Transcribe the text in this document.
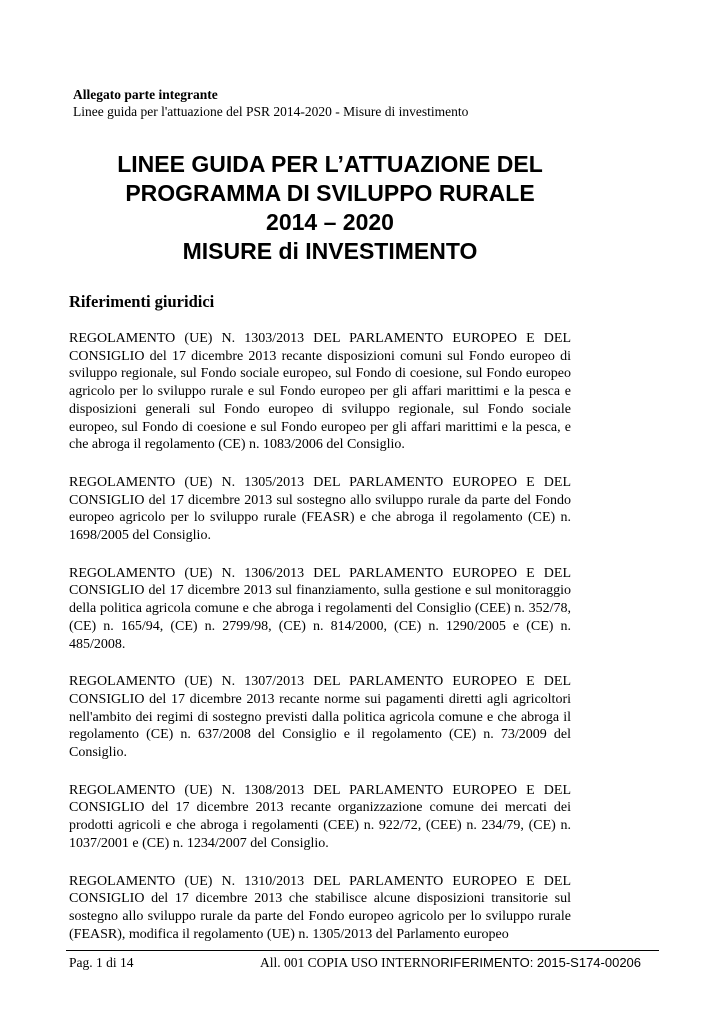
Allegato parte integrante
Linee guida per l'attuazione del PSR 2014-2020 - Misure di investimento
LINEE GUIDA PER L’ATTUAZIONE DEL
PROGRAMMA DI SVILUPPO RURALE
2014 – 2020
MISURE di INVESTIMENTO
Riferimenti giuridici

REGOLAMENTO (UE) N. 1303/2013 DEL PARLAMENTO EUROPEO E DEL CONSIGLIO del 17 dicembre 2013 recante disposizioni comuni sul Fondo europeo di sviluppo regionale, sul Fondo sociale europeo, sul Fondo di coesione, sul Fondo europeo agricolo per lo sviluppo rurale e sul Fondo europeo per gli affari marittimi e la pesca e disposizioni generali sul Fondo europeo di sviluppo regionale, sul Fondo sociale europeo, sul Fondo di coesione e sul Fondo europeo per gli affari marittimi e la pesca, e che abroga il regolamento (CE) n. 1083/2006 del Consiglio.

REGOLAMENTO (UE) N. 1305/2013 DEL PARLAMENTO EUROPEO E DEL CONSIGLIO del 17 dicembre 2013 sul sostegno allo sviluppo rurale da parte del Fondo europeo agricolo per lo sviluppo rurale (FEASR) e che abroga il regolamento (CE) n. 1698/2005 del Consiglio.

REGOLAMENTO (UE) N. 1306/2013 DEL PARLAMENTO EUROPEO E DEL CONSIGLIO del 17 dicembre 2013 sul finanziamento, sulla gestione e sul monitoraggio della politica agricola comune e che abroga i regolamenti del Consiglio (CEE) n. 352/78, (CE) n. 165/94, (CE) n. 2799/98, (CE) n. 814/2000, (CE) n. 1290/2005 e (CE) n. 485/2008.

REGOLAMENTO (UE) N. 1307/2013 DEL PARLAMENTO EUROPEO E DEL CONSIGLIO del 17 dicembre 2013 recante norme sui pagamenti diretti agli agricoltori nell'ambito dei regimi di sostegno previsti dalla politica agricola comune e che abroga il regolamento (CE) n. 637/2008 del Consiglio e il regolamento (CE) n. 73/2009 del Consiglio.

REGOLAMENTO (UE) N. 1308/2013 DEL PARLAMENTO EUROPEO E DEL CONSIGLIO del 17 dicembre 2013 recante organizzazione comune dei mercati dei prodotti agricoli e che abroga i regolamenti (CEE) n. 922/72, (CEE) n. 234/79, (CE) n. 1037/2001 e (CE) n. 1234/2007 del Consiglio.

REGOLAMENTO (UE) N. 1310/2013 DEL PARLAMENTO EUROPEO E DEL CONSIGLIO del 17 dicembre 2013 che stabilisce alcune disposizioni transitorie sul sostegno allo sviluppo rurale da parte del Fondo europeo agricolo per lo sviluppo rurale (FEASR), modifica il regolamento (UE) n. 1305/2013 del Parlamento europeo

Pag. 1 di 14	All. 001 COPIA USO INTERNORIFERIMENTO: 2015-S174-00206
